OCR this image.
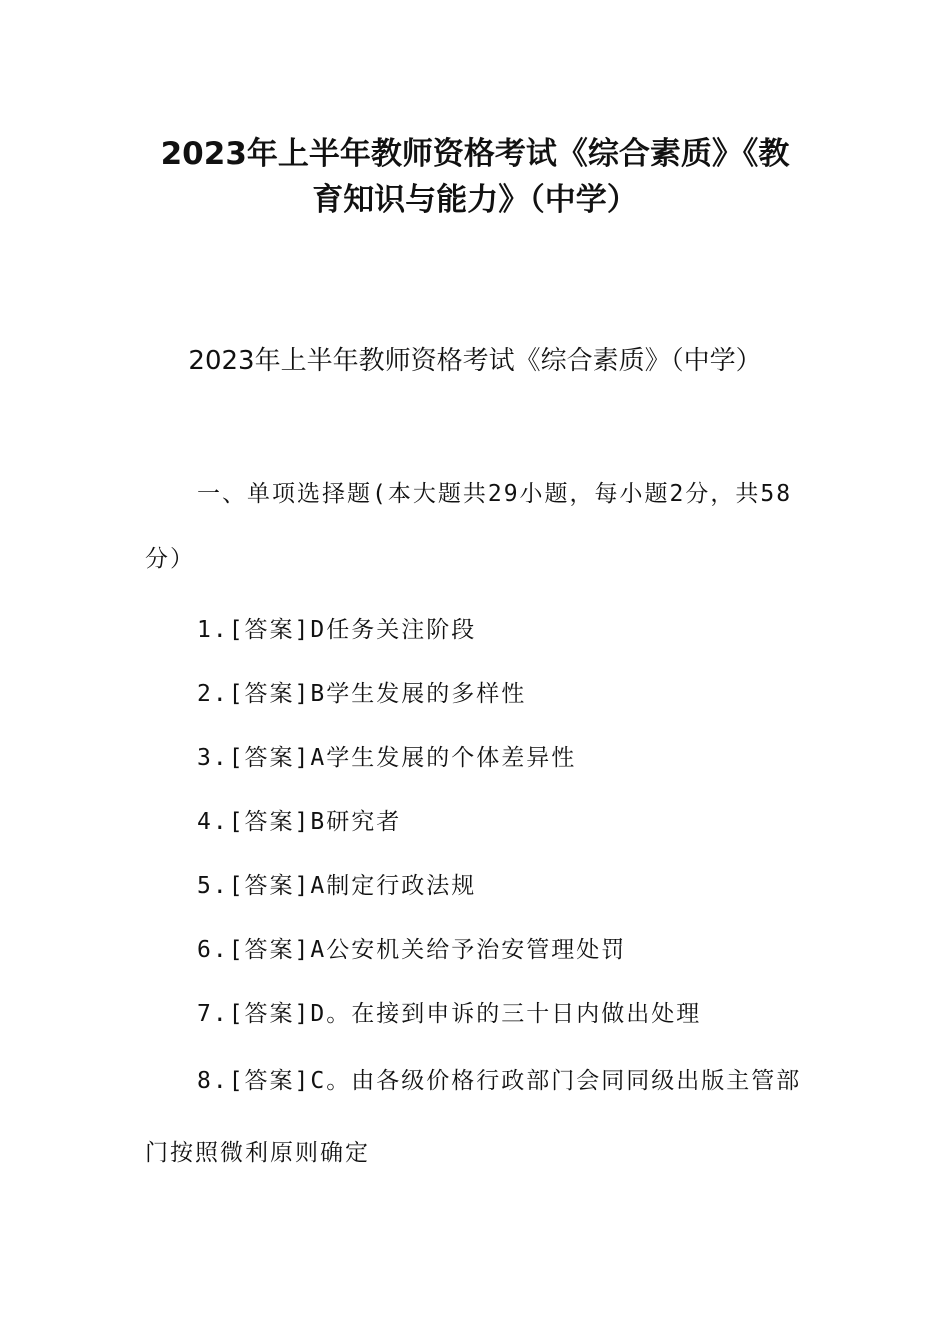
2023年上半年教师资格考试《综合素质》《教
育知识与能力》（中学）
2023年上半年教师资格考试《综合素质》（中学）
一、单项选择题(本大题共29小题，每小题2分，共58
分）
1.[答案]D任务关注阶段
2.[答案]B学生发展的多样性
3.[答案]A学生发展的个体差异性
4.[答案]B研究者
5.[答案]A制定行政法规
6.[答案]A公安机关给予治安管理处罚
7.[答案]D。在接到申诉的三十日内做出处理
8.[答案]C。由各级价格行政部门会同同级出版主管部
门按照微利原则确定
